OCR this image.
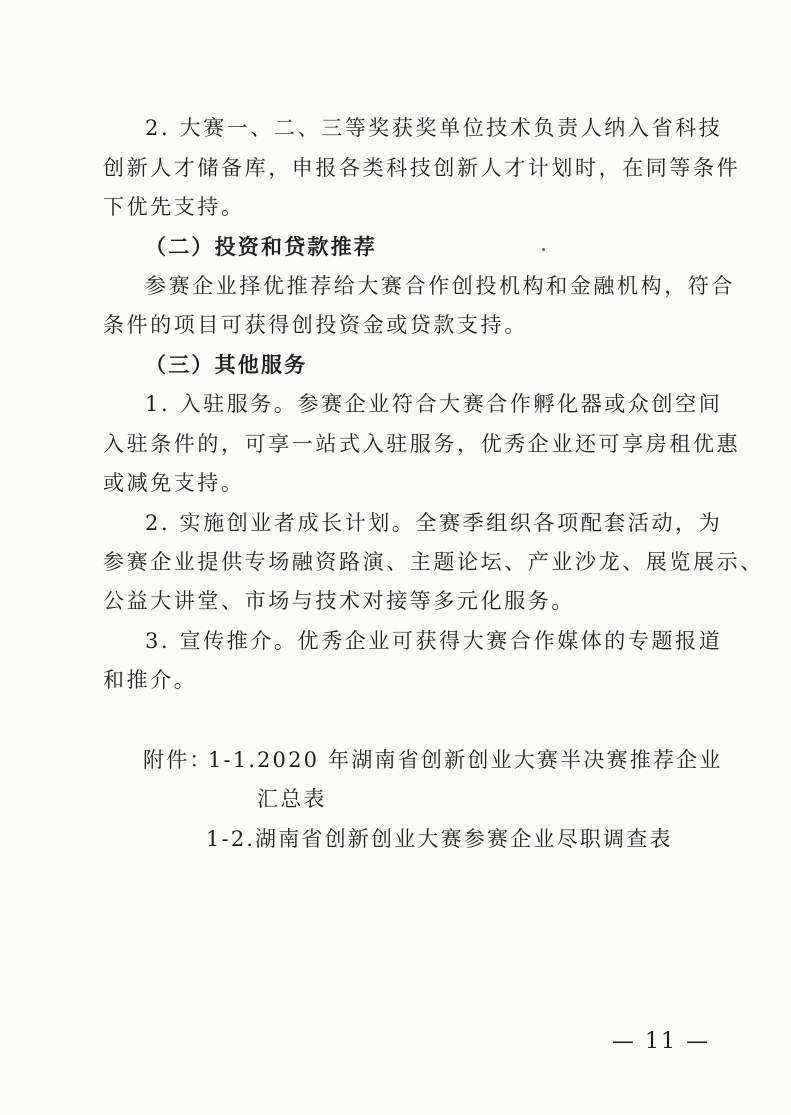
2. 大赛一、二、三等奖获奖单位技术负责人纳入省科技
创新人才储备库，申报各类科技创新人才计划时，在同等条件
下优先支持。
（二）投资和贷款推荐
参赛企业择优推荐给大赛合作创投机构和金融机构，符合
条件的项目可获得创投资金或贷款支持。
（三）其他服务
1. 入驻服务。参赛企业符合大赛合作孵化器或众创空间
入驻条件的，可享一站式入驻服务，优秀企业还可享房租优惠
或减免支持。
2. 实施创业者成长计划。全赛季组织各项配套活动，为
参赛企业提供专场融资路演、主题论坛、产业沙龙、展览展示、
公益大讲堂、市场与技术对接等多元化服务。
3. 宣传推介。优秀企业可获得大赛合作媒体的专题报道
和推介。
附件：
1-1. 2020 年湖南省创新创业大赛半决赛推荐企业
汇总表
1-2. 湖南省创新创业大赛参赛企业尽职调查表
— 11 —
